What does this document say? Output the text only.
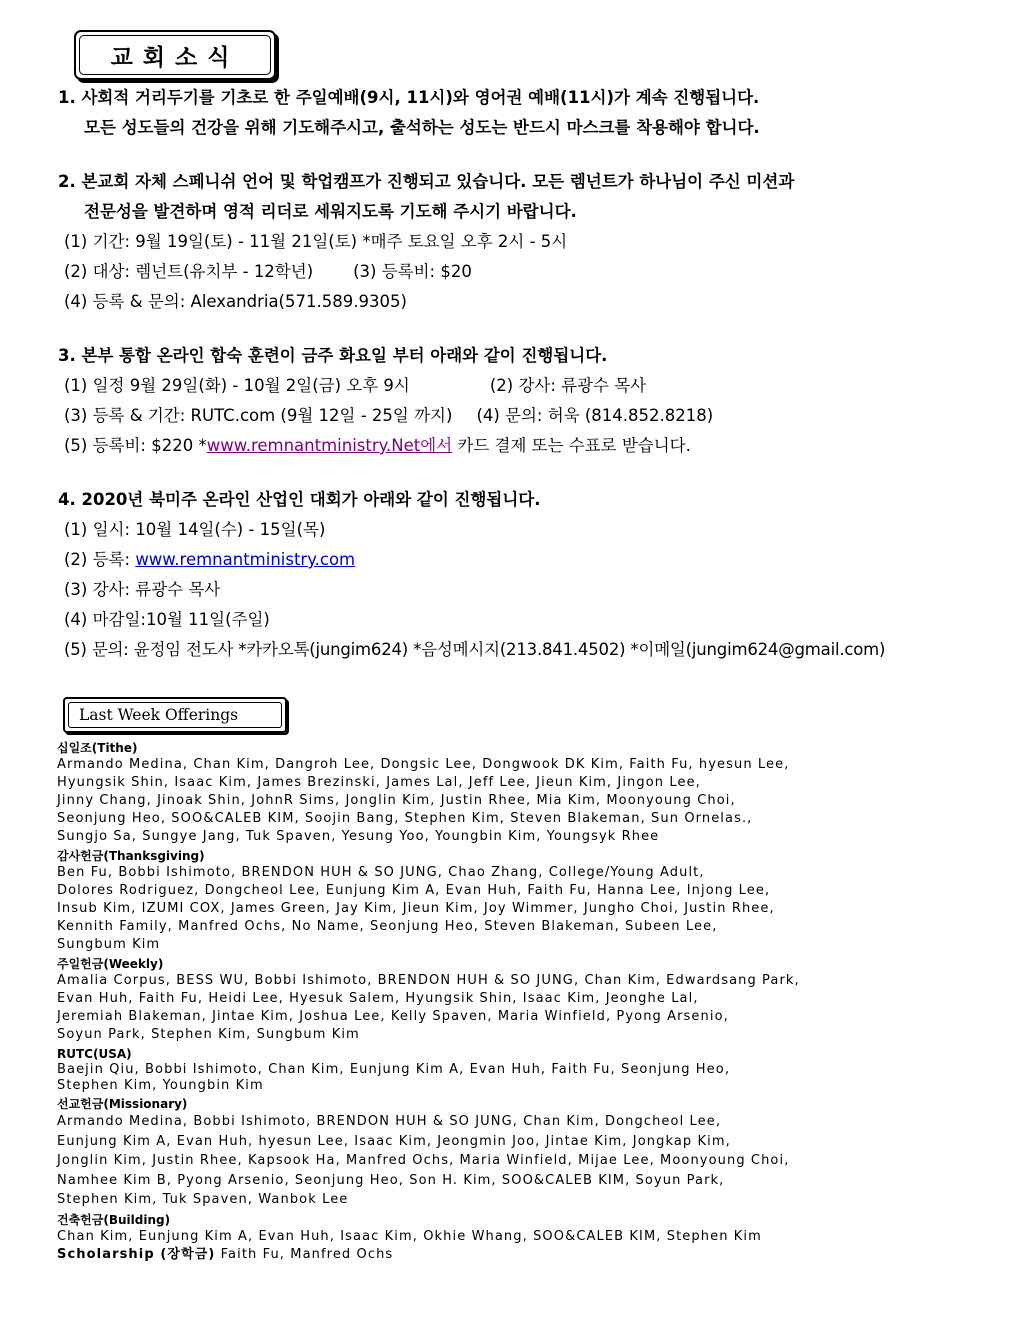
교회소식
1. 사회적 거리두기를 기초로 한 주일예배(9시, 11시)와 영어권 예배(11시)가 계속 진행됩니다.
모든 성도들의 건강을 위해 기도해주시고, 출석하는 성도는 반드시 마스크를 착용해야 합니다.
2. 본교회 자체 스페니쉬 언어 및 학업캠프가 진행되고 있습니다. 모든 렘넌트가 하나님이 주신 미션과
전문성을 발견하며 영적 리더로 세워지도록 기도해 주시기 바랍니다.
(1) 기간: 9월 19일(토) - 11월 21일(토) *매주 토요일 오후 2시 - 5시
(2) 대상: 렘넌트(유치부 - 12학년) (3) 등록비: $20
(4) 등록 & 문의: Alexandria(571.589.9305)
3. 본부 통합 온라인 합숙 훈련이 금주 화요일 부터 아래와 같이 진행됩니다.
(1) 일정 9월 29일(화) - 10월 2일(금) 오후 9시	(2) 강사: 류광수 목사
(3) 등록 & 기간: RUTC.com (9월 12일 - 25일 까지) (4) 문의: 허욱 (814.852.8218)
(5) 등록비: $220 *www.remnantministry.Net에서 카드 결제 또는 수표로 받습니다.
4. 2020년 북미주 온라인 산업인 대회가 아래와 같이 진행됩니다.
(1) 일시: 10월 14일(수) - 15일(목)
(2) 등록: www.remnantministry.com
(3) 강사: 류광수 목사
(4) 마감일:10월 11일(주일)
(5) 문의: 윤정임 전도사 *카카오톡(jungim624) *음성메시지(213.841.4502) *이메일(jungim624@gmail.com)
Last Week Offerings
십일조(Tithe)
Armando Medina, Chan Kim, Dangroh Lee, Dongsic Lee, Dongwook DK Kim, Faith Fu, hyesun Lee,
Hyungsik Shin, Isaac Kim, James Brezinski, James Lal, Jeff Lee, Jieun Kim, Jingon Lee,
Jinny Chang, Jinoak Shin, JohnR Sims, Jonglin Kim, Justin Rhee, Mia Kim, Moonyoung Choi,
Seonjung Heo, SOO&CALEB KIM, Soojin Bang, Stephen Kim, Steven Blakeman, Sun Ornelas.,
Sungjo Sa, Sungye Jang, Tuk Spaven, Yesung Yoo, Youngbin Kim, Youngsyk Rhee
감사헌금(Thanksgiving)
Ben Fu, Bobbi Ishimoto, BRENDON HUH & SO JUNG, Chao Zhang, College/Young Adult,
Dolores Rodriguez, Dongcheol Lee, Eunjung Kim A, Evan Huh, Faith Fu, Hanna Lee, Injong Lee,
Insub Kim, IZUMI COX, James Green, Jay Kim, Jieun Kim, Joy Wimmer, Jungho Choi, Justin Rhee,
Kennith Family, Manfred Ochs, No Name, Seonjung Heo, Steven Blakeman, Subeen Lee,
Sungbum Kim
주일헌금(Weekly)
Amalia Corpus, BESS WU, Bobbi Ishimoto, BRENDON HUH & SO JUNG, Chan Kim, Edwardsang Park,
Evan Huh, Faith Fu, Heidi Lee, Hyesuk Salem, Hyungsik Shin, Isaac Kim, Jeonghe Lal,
Jeremiah Blakeman, Jintae Kim, Joshua Lee, Kelly Spaven, Maria Winfield, Pyong Arsenio,
Soyun Park, Stephen Kim, Sungbum Kim
RUTC(USA)
Baejin Qiu, Bobbi Ishimoto, Chan Kim, Eunjung Kim A, Evan Huh, Faith Fu, Seonjung Heo,
Stephen Kim, Youngbin Kim
선교헌금(Missionary)
Armando Medina, Bobbi Ishimoto, BRENDON HUH & SO JUNG, Chan Kim, Dongcheol Lee,
Eunjung Kim A, Evan Huh, hyesun Lee, Isaac Kim, Jeongmin Joo, Jintae Kim, Jongkap Kim,
Jonglin Kim, Justin Rhee, Kapsook Ha, Manfred Ochs, Maria Winfield, Mijae Lee, Moonyoung Choi,
Namhee Kim B, Pyong Arsenio, Seonjung Heo, Son H. Kim, SOO&CALEB KIM, Soyun Park,
Stephen Kim, Tuk Spaven, Wanbok Lee
건축헌금(Building)
Chan Kim, Eunjung Kim A, Evan Huh, Isaac Kim, Okhie Whang, SOO&CALEB KIM, Stephen Kim
Scholarship (장학금) Faith Fu, Manfred Ochs
